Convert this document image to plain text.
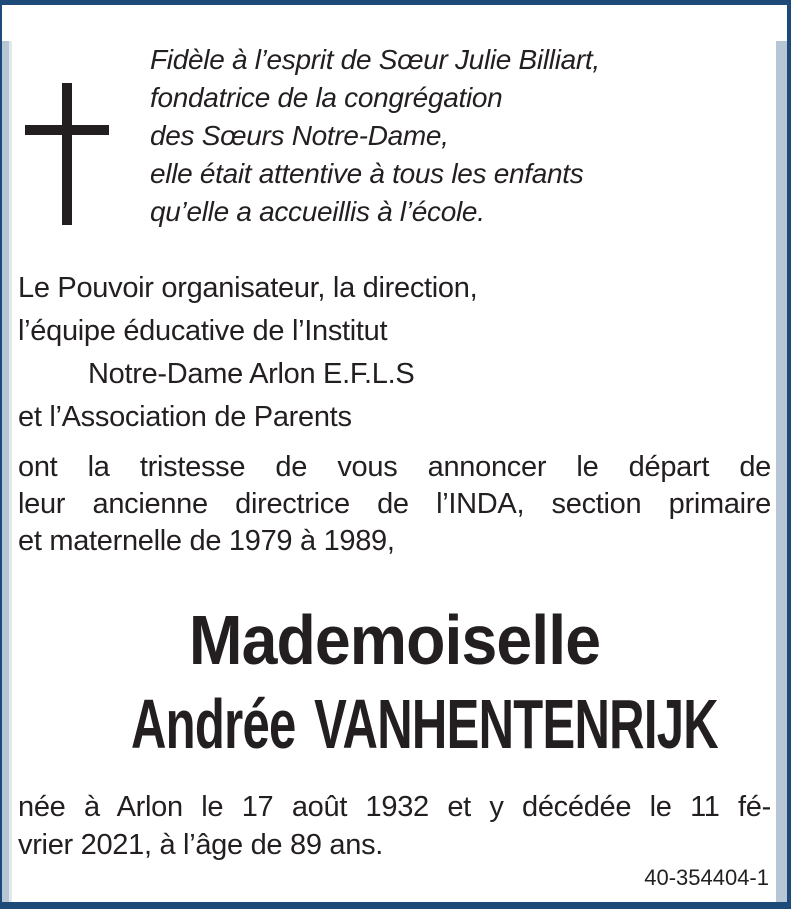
Fidèle à l’esprit de Sœur Julie Billiart,
fondatrice de la congrégation
des Sœurs Notre-Dame,
elle était attentive à tous les enfants
qu’elle a accueillis à l’école.
Le Pouvoir organisateur, la direction,
l’équipe éducative de l’Institut
Notre-Dame Arlon E.F.L.S
et l’Association de Parents
ont la tristesse de vous annoncer le départ de
leur ancienne directrice de l’INDA, section primaire
et maternelle de 1979 à 1989,
Mademoiselle
Andrée VANHENTENRIJK
née à Arlon le 17 août 1932 et y décédée le 11 fé-
vrier 2021, à l’âge de 89 ans.
40-354404-1
